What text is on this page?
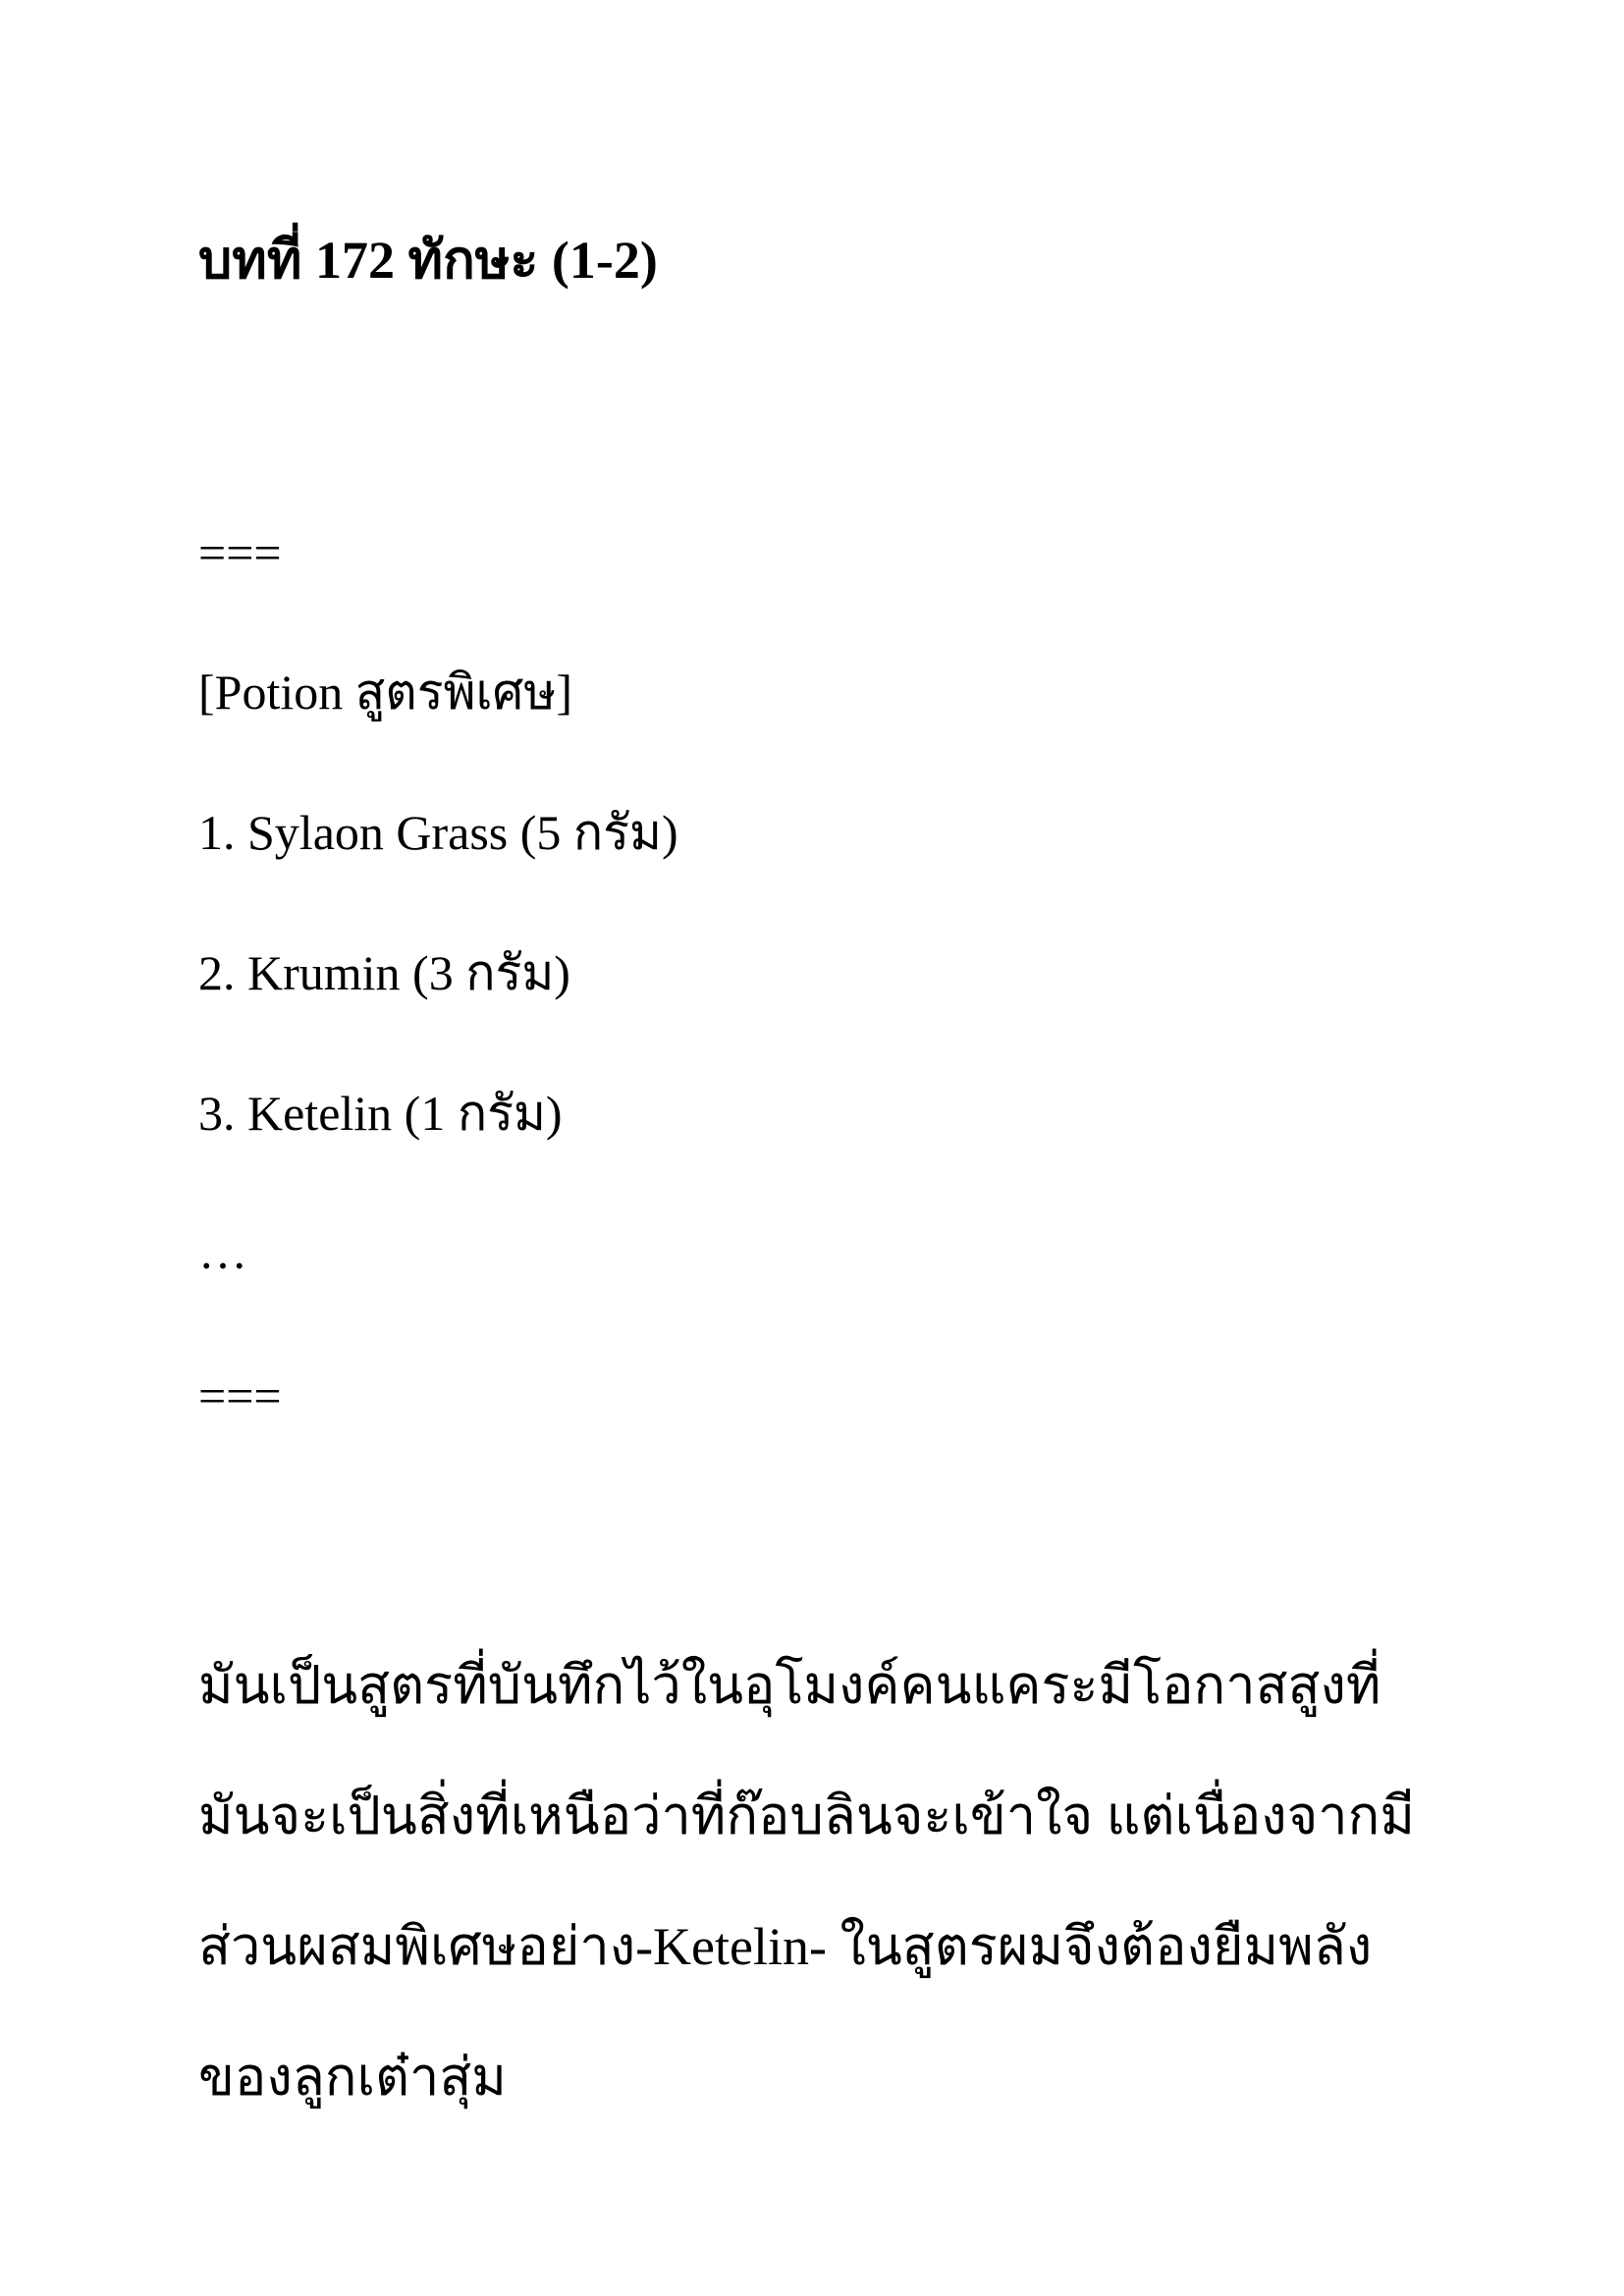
บทที่ 172 ทักษะ (1-2)
===
[Potion สูตรพิเศษ]
1. Sylaon Grass (5 กรัม)
2. Krumin (3 กรัม)
3. Ketelin (1 กรัม)
…
===
มันเป็นสูตรที่บันทึกไว้ในอุโมงค์คนแคระมีโอกาสสูงที่
มันจะเป็นสิ่งที่เหนือว่าที่ก๊อบลินจะเข้าใจ แต่เนื่องจากมี
ส่วนผสมพิเศษอย่าง-Ketelin- ในสูตรผมจึงต้องยืมพลัง
ของลูกเต๋าสุ่ม
